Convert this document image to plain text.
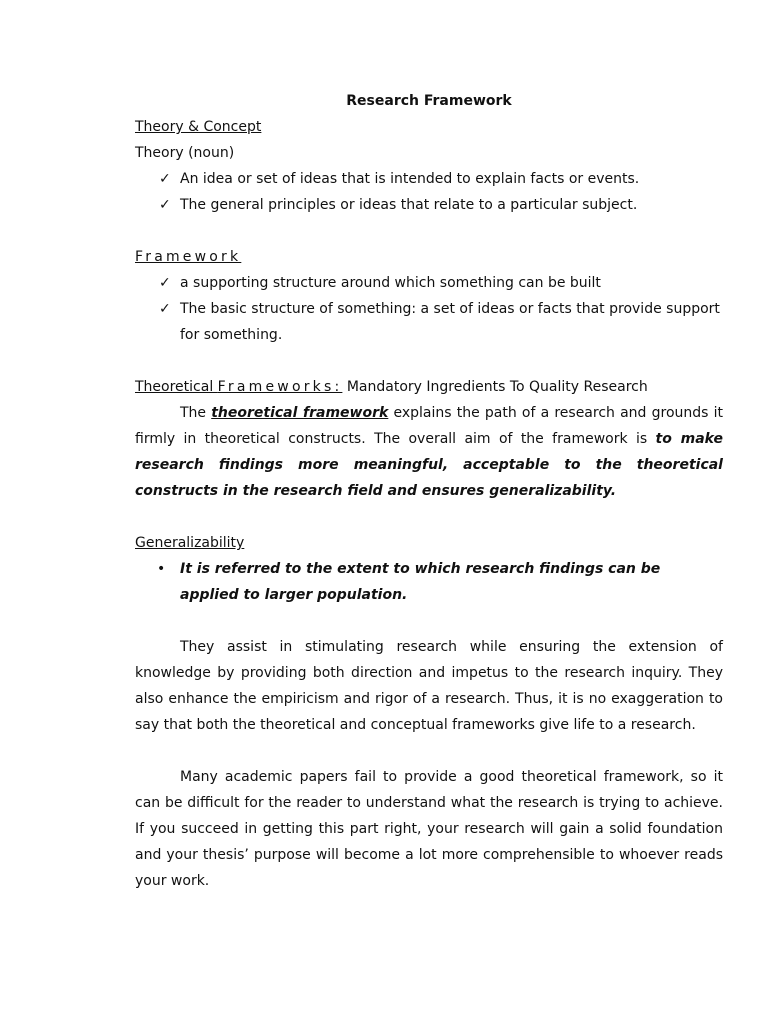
Research Framework
Theory & Concept
Theory (noun)
✓ An idea or set of ideas that is intended to explain facts or events.
✓ The general principles or ideas that relate to a particular subject.
Framework
✓ a supporting structure around which something can be built
✓ The basic structure of something: a set of ideas or facts that provide support for something.
Theoretical Frameworks: Mandatory Ingredients To Quality Research
The theoretical framework explains the path of a research and grounds it firmly in theoretical constructs. The overall aim of the framework is to make research findings more meaningful, acceptable to the theoretical constructs in the research field and ensures generalizability.
Generalizability
• It is referred to the extent to which research findings can be applied to larger population.
They assist in stimulating research while ensuring the extension of knowledge by providing both direction and impetus to the research inquiry. They also enhance the empiricism and rigor of a research. Thus, it is no exaggeration to say that both the theoretical and conceptual frameworks give life to a research.
Many academic papers fail to provide a good theoretical framework, so it can be difficult for the reader to understand what the research is trying to achieve. If you succeed in getting this part right, your research will gain a solid foundation and your thesis’ purpose will become a lot more comprehensible to whoever reads your work.
